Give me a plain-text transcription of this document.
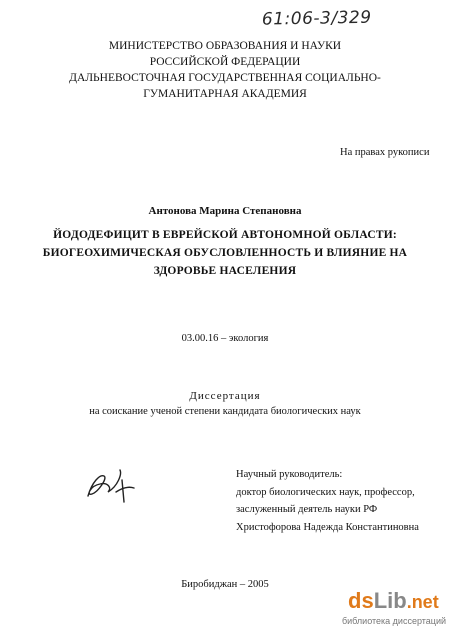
61:06-3/329
МИНИСТЕРСТВО ОБРАЗОВАНИЯ И НАУКИ
РОССИЙСКОЙ ФЕДЕРАЦИИ
ДАЛЬНЕВОСТОЧНАЯ ГОСУДАРСТВЕННАЯ СОЦИАЛЬНО-
ГУМАНИТАРНАЯ АКАДЕМИЯ
На правах рукописи
Антонова Марина Степановна
ЙОДОДЕФИЦИТ В ЕВРЕЙСКОЙ АВТОНОМНОЙ ОБЛАСТИ:
БИОГЕОХИМИЧЕСКАЯ ОБУСЛОВЛЕННОСТЬ И ВЛИЯНИЕ НА
ЗДОРОВЬЕ НАСЕЛЕНИЯ
03.00.16 – экология
Диссертация
на соискание ученой степени кандидата биологических наук
Научный руководитель:
доктор биологических наук, профессор,
заслуженный деятель науки РФ
Христофорова Надежда Константиновна
Биробиджан – 2005
dsLib.net
библиотека диссертаций
